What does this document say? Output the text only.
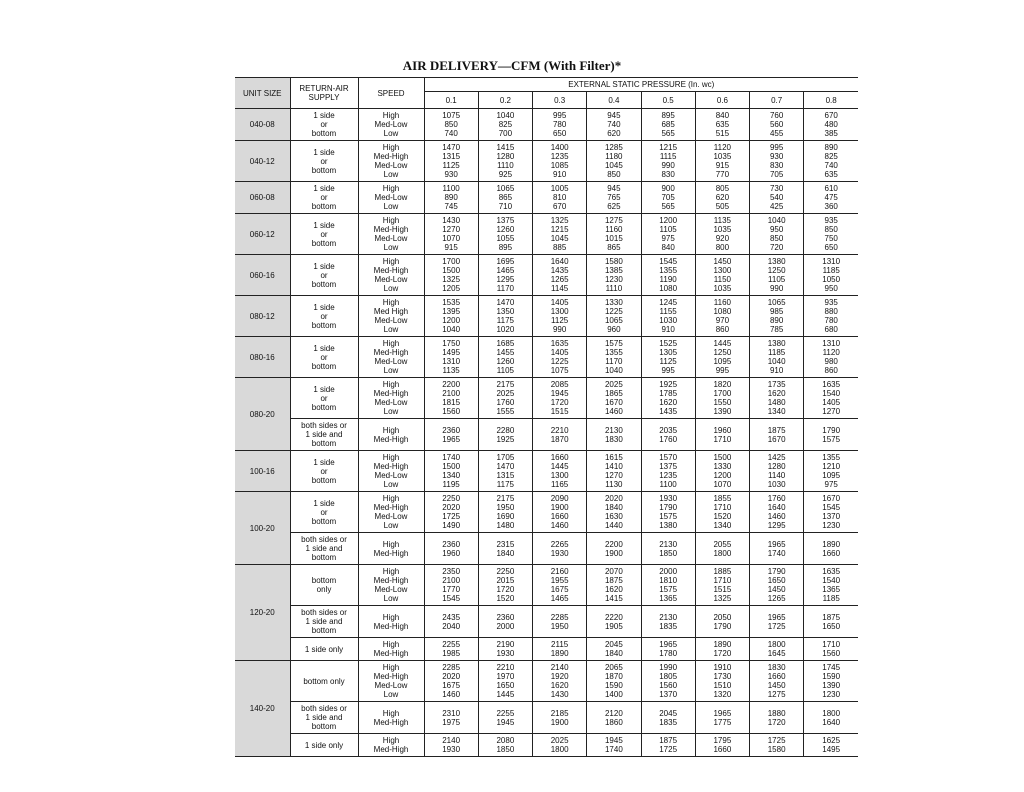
AIR DELIVERY—CFM (With Filter)*
UNIT SIZE	RETURN-AIR SUPPLY	SPEED	EXTERNAL STATIC PRESSURE (In. wc)							
			0.1	0.2	0.3	0.4	0.5	0.6	0.7	0.8
040-08	1 side
or
bottom	High
Med-Low
Low	1075
850
740	1040
825
700	995
780
650	945
740
620	895
685
565	840
635
515	760
560
455	670
480
385

040-12	1 side
or
bottom	High
Med-High
Med-Low
Low	1470
1315
1125
930	1415
1280
1110
925	1400
1235
1085
910	1285
1180
1045
850	1215
1115
990
830	1120
1035
915
770	995
930
830
705	890
825
740
635

060-08	1 side
or
bottom	High
Med-Low
Low	1100
890
745	1065
865
710	1005
810
670	945
765
625	900
705
565	805
620
505	730
540
425	610
475
360

060-12	1 side
or
bottom	High
Med-High
Med-Low
Low	1430
1270
1070
915	1375
1260
1055
895	1325
1215
1045
885	1275
1160
1015
865	1200
1105
975
840	1135
1035
920
800	1040
950
850
720	935
850
750
650

060-16	1 side
or
bottom	High
Med-High
Med-Low
Low	1700
1500
1325
1205	1695
1465
1295
1170	1640
1435
1265
1145	1580
1385
1230
1110	1545
1355
1190
1080	1450
1300
1150
1035	1380
1250
1105
990	1310
1185
1050
950

080-12	1 side
or
bottom	High
Med High
Med-Low
Low	1535
1395
1200
1040	1470
1350
1175
1020	1405
1300
1125
990	1330
1225
1065
960	1245
1155
1030
910	1160
1080
970
860	1065
985
890
785	935
880
780
680

080-16	1 side
or
bottom	High
Med-High
Med-Low
Low	1750
1495
1310
1135	1685
1455
1260
1105	1635
1405
1225
1075	1575
1355
1170
1040	1525
1305
1125
995	1445
1250
1095
995	1380
1185
1040
910	1310
1120
980
860

080-20	1 side
or
bottom	High
Med-High
Med-Low
Low	2200
2100
1815
1560	2175
2025
1760
1555	2085
1945
1720
1515	2025
1865
1670
1460	1925
1785
1620
1435	1820
1700
1550
1390	1735
1620
1480
1340	1635
1540
1405
1270

	both sides or
1 side and
bottom	High
Med-High	2360
1965	2280
1925	2210
1870	2130
1830	2035
1760	1960
1710	1875
1670	1790
1575

100-16	1 side
or
bottom	High
Med-High
Med-Low
Low	1740
1500
1340
1195	1705
1470
1315
1175	1660
1445
1300
1165	1615
1410
1270
1130	1570
1375
1235
1100	1500
1330
1200
1070	1425
1280
1140
1030	1355
1210
1095
975

100-20	1 side
or
bottom	High
Med-High
Med-Low
Low	2250
2020
1725
1490	2175
1950
1690
1480	2090
1900
1660
1460	2020
1840
1630
1440	1930
1790
1575
1380	1855
1710
1520
1340	1760
1640
1460
1295	1670
1545
1370
1230

	both sides or
1 side and
bottom	High
Med-High	2360
1960	2315
1840	2265
1930	2200
1900	2130
1850	2055
1800	1965
1740	1890
1660

120-20	bottom
only	High
Med-High
Med-Low
Low	2350
2100
1770
1545	2250
2015
1720
1520	2160
1955
1675
1465	2070
1875
1620
1415	2000
1810
1575
1365	1885
1710
1515
1325	1790
1650
1450
1265	1635
1540
1365
1185

	both sides or
1 side and
bottom	High
Med-High	2435
2040	2360
2000	2285
1950	2220
1905	2130
1835	2050
1790	1965
1725	1875
1650

	1 side only	High
Med-High	2255
1985	2190
1930	2115
1890	2045
1840	1965
1780	1890
1720	1800
1645	1710
1560

140-20	bottom only	High
Med-High
Med-Low
Low	2285
2020
1675
1460	2210
1970
1650
1445	2140
1920
1620
1430	2065
1870
1590
1400	1990
1805
1560
1370	1910
1730
1510
1320	1830
1660
1450
1275	1745
1590
1390
1230

	both sides or
1 side and
bottom	High
Med-High	2310
1975	2255
1945	2185
1900	2120
1860	2045
1835	1965
1775	1880
1720	1800
1640

	1 side only	High
Med-High	2140
1930	2080
1850	2025
1800	1945
1740	1875
1725	1795
1660	1725
1580	1625
1495
